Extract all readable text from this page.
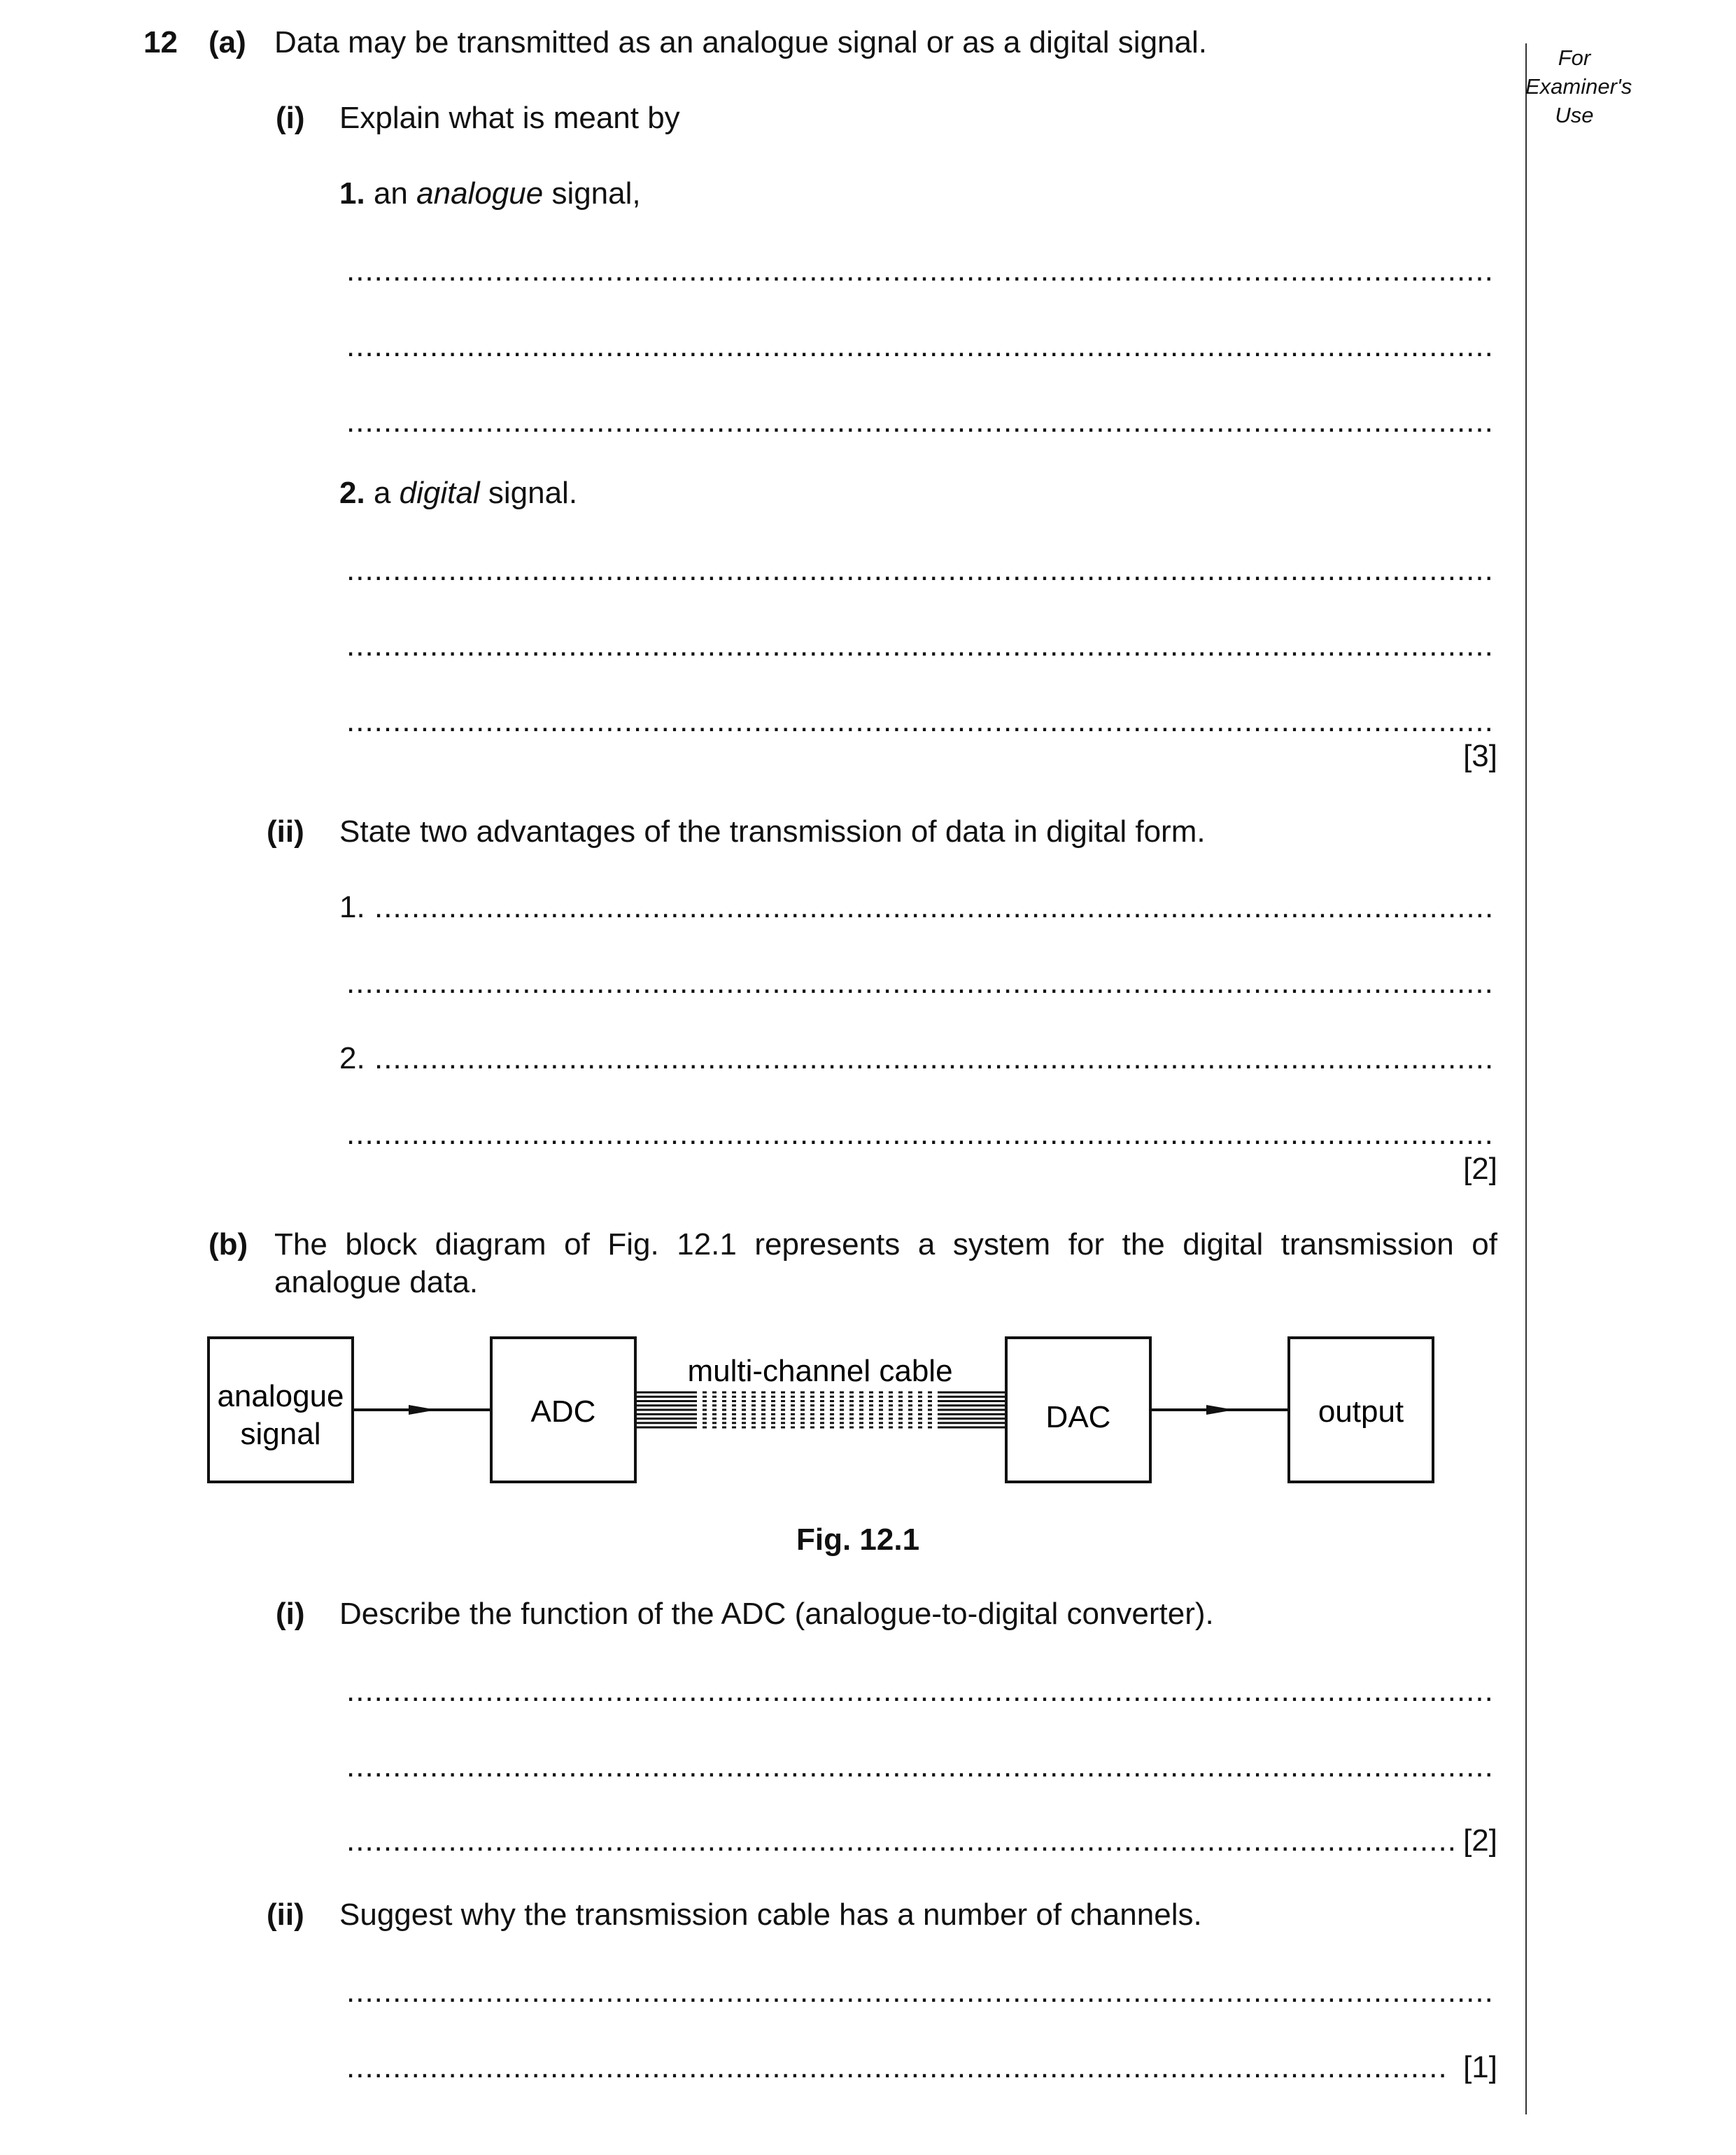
For
Examiner's
Use
12 (a) Data may be transmitted as an analogue signal or as a digital signal.
(i) Explain what is meant by
1. an analogue signal,
.....
.....
.....
2. a digital signal.
.....
.....
.....
[3]
(ii) State two advantages of the transmission of data in digital form.
1.
.....
.....
2.
.....
.....
[2]
(b) The block diagram of Fig. 12.1 represents a system for the digital transmission of
analogue data.
analogue
signal
ADC
multi-channel cable
DAC	output
Fig. 12.1
(i) Describe the function of the ADC (analogue-to-digital converter).
.....
.....
.....
[2]
(ii) Suggest why the transmission cable has a number of channels.
.....
.....
[1]
